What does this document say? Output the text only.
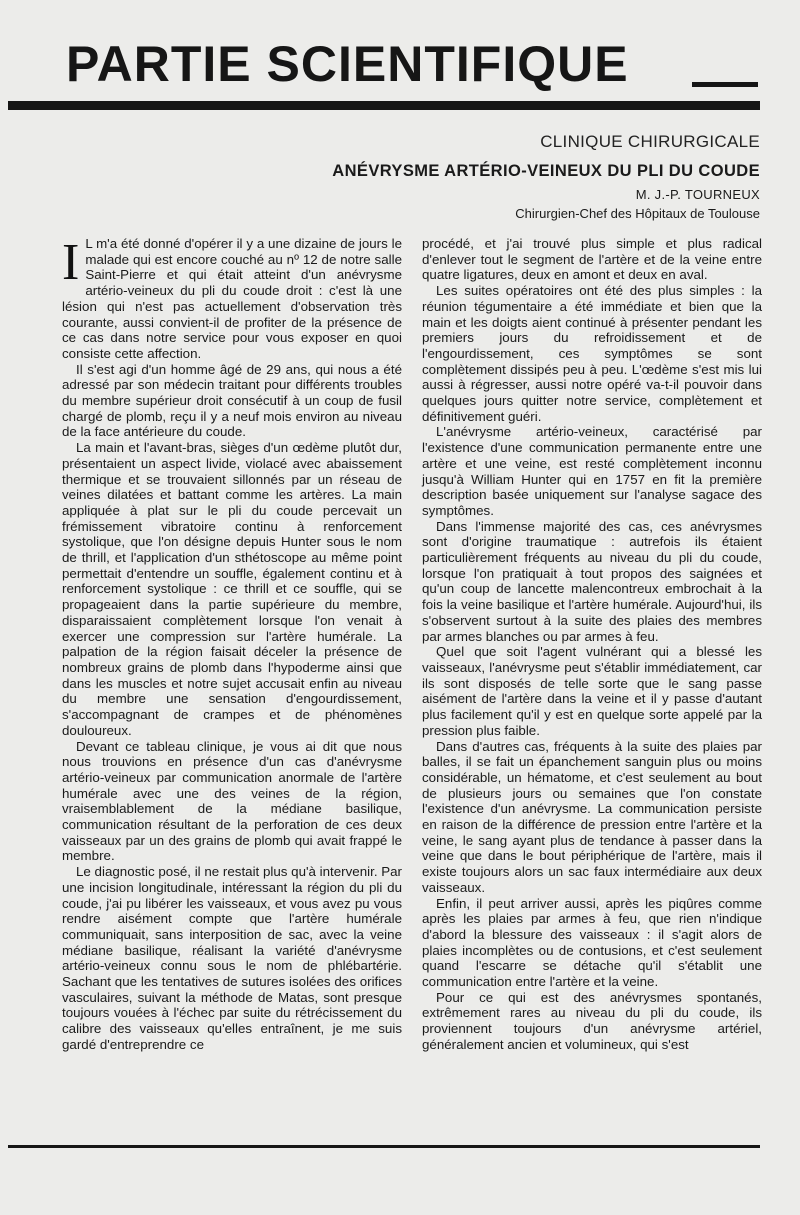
PARTIE SCIENTIFIQUE
CLINIQUE CHIRURGICALE
ANÉVRYSME ARTÉRIO-VEINEUX DU PLI DU COUDE
M. J.-P. TOURNEUX
Chirurgien-Chef des Hôpitaux de Toulouse

I L m'a été donné d'opérer il y a une dizaine de jours le malade qui est encore couché au nº 12 de notre salle Saint-Pierre et qui était atteint d'un anévrysme artério-veineux du pli du coude droit : c'est là une lésion qui n'est pas actuellement d'observation très courante, aussi convient-il de profiter de la présence de ce cas dans notre service pour vous exposer en quoi consiste cette affection.

Il s'est agi d'un homme âgé de 29 ans, qui nous a été adressé par son médecin traitant pour différents troubles du membre supérieur droit consécutif à un coup de fusil chargé de plomb, reçu il y a neuf mois environ au niveau de la face antérieure du coude.

La main et l'avant-bras, sièges d'un œdème plutôt dur, présentaient un aspect livide, violacé avec abaissement thermique et se trouvaient sillonnés par un réseau de veines dilatées et battant comme les artères. La main appliquée à plat sur le pli du coude percevait un frémissement vibratoire continu à renforcement systolique, que l'on désigne depuis Hunter sous le nom de thrill, et l'application d'un sthétoscope au même point permettait d'entendre un souffle, également continu et à renforcement systolique : ce thrill et ce souffle, qui se propageaient dans la partie supérieure du membre, disparaissaient complètement lorsque l'on venait à exercer une compression sur l'artère humérale. La palpation de la région faisait déceler la présence de nombreux grains de plomb dans l'hypoderme ainsi que dans les muscles et notre sujet accusait enfin au niveau du membre une sensation d'engourdissement, s'accompagnant de crampes et de phénomènes douloureux.

Devant ce tableau clinique, je vous ai dit que nous nous trouvions en présence d'un cas d'anévrysme artério-veineux par communication anormale de l'artère humérale avec une des veines de la région, vraisemblablement de la médiane basilique, communication résultant de la perforation de ces deux vaisseaux par un des grains de plomb qui avait frappé le membre.

Le diagnostic posé, il ne restait plus qu'à intervenir. Par une incision longitudinale, intéressant la région du pli du coude, j'ai pu libérer les vaisseaux, et vous avez pu vous rendre aisément compte que l'artère humérale communiquait, sans interposition de sac, avec la veine médiane basilique, réalisant la variété d'anévrysme artério-veineux connu sous le nom de phlébartérie. Sachant que les tentatives de sutures isolées des orifices vasculaires, suivant la méthode de Matas, sont presque toujours vouées à l'échec par suite du rétrécissement du calibre des vaisseaux qu'elles entraînent, je me suis gardé d'entreprendre ce

procédé, et j'ai trouvé plus simple et plus radical d'enlever tout le segment de l'artère et de la veine entre quatre ligatures, deux en amont et deux en aval.

Les suites opératoires ont été des plus simples : la réunion tégumentaire a été immédiate et bien que la main et les doigts aient continué à présenter pendant les premiers jours du refroidissement et de l'engourdissement, ces symptômes se sont complètement dissipés peu à peu. L'œdème s'est mis lui aussi à régresser, aussi notre opéré va-t-il pouvoir dans quelques jours quitter notre service, complètement et définitivement guéri.

L'anévrysme artério-veineux, caractérisé par l'existence d'une communication permanente entre une artère et une veine, est resté complètement inconnu jusqu'à William Hunter qui en 1757 en fit la première description basée uniquement sur l'analyse sagace des symptômes.

Dans l'immense majorité des cas, ces anévrysmes sont d'origine traumatique : autrefois ils étaient particulièrement fréquents au niveau du pli du coude, lorsque l'on pratiquait à tout propos des saignées et qu'un coup de lancette malencontreux embrochait à la fois la veine basilique et l'artère humérale. Aujourd'hui, ils s'observent surtout à la suite des plaies des membres par armes blanches ou par armes à feu.

Quel que soit l'agent vulnérant qui a blessé les vaisseaux, l'anévrysme peut s'établir immédiatement, car ils sont disposés de telle sorte que le sang passe aisément de l'artère dans la veine et il y passe d'autant plus facilement qu'il y est en quelque sorte appelé par la pression plus faible.

Dans d'autres cas, fréquents à la suite des plaies par balles, il se fait un épanchement sanguin plus ou moins considérable, un hématome, et c'est seulement au bout de plusieurs jours ou semaines que l'on constate l'existence d'un anévrysme. La communication persiste en raison de la différence de pression entre l'artère et la veine, le sang ayant plus de tendance à passer dans la veine que dans le bout périphérique de l'artère, mais il existe toujours alors un sac faux intermédiaire aux deux vaisseaux.

Enfin, il peut arriver aussi, après les piqûres comme après les plaies par armes à feu, que rien n'indique d'abord la blessure des vaisseaux : il s'agit alors de plaies incomplètes ou de contusions, et c'est seulement quand l'escarre se détache qu'il s'établit une communication entre l'artère et la veine.

Pour ce qui est des anévrysmes spontanés, extrêmement rares au niveau du pli du coude, ils proviennent toujours d'un anévrysme artériel, généralement ancien et volumineux, qui s'est
